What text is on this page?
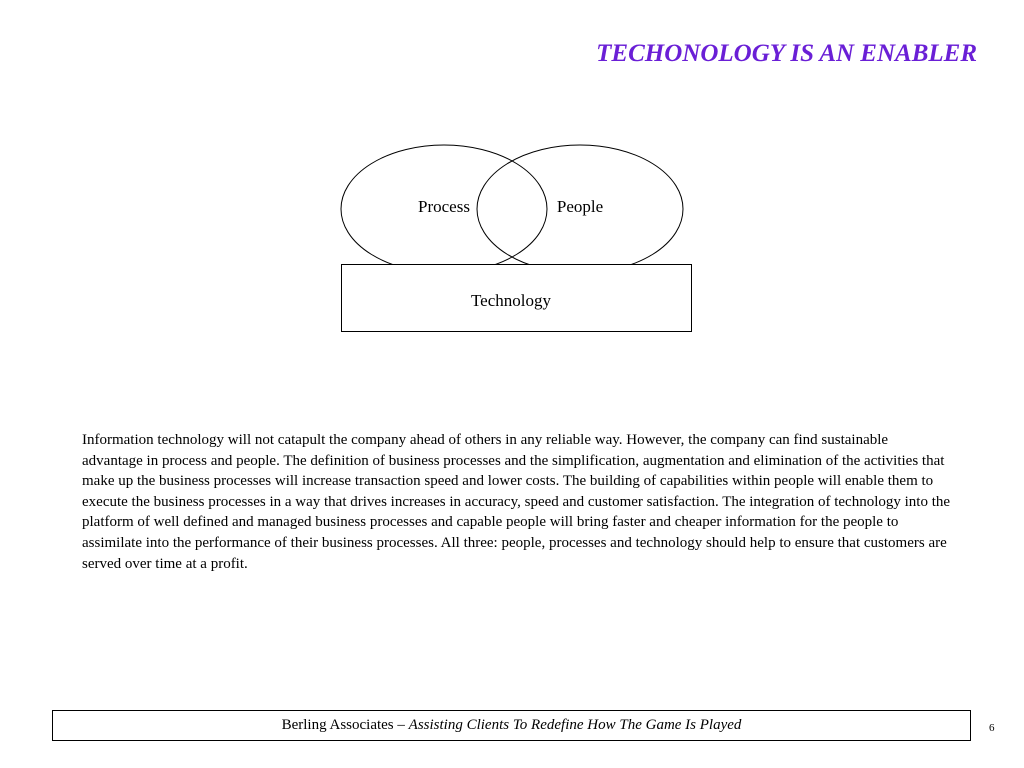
TECHONOLOGY IS AN ENABLER
Process	People
Technology
Information technology will not catapult the company ahead of others in any reliable way. However, the company can find sustainable advantage in process and people. The definition of business processes and the simplification, augmentation and elimination of the activities that make up the business processes will increase transaction speed and lower costs. The building of capabilities within people will enable them to execute the business processes in a way that drives increases in accuracy, speed and customer satisfaction. The integration of technology into the platform of well defined and managed business processes and capable people will bring faster and cheaper information for the people to assimilate into the performance of their business processes. All three: people, processes and technology should help to ensure that customers are served over time at a profit.
Berling Associates – Assisting Clients To Redefine How The Game Is Played	6
